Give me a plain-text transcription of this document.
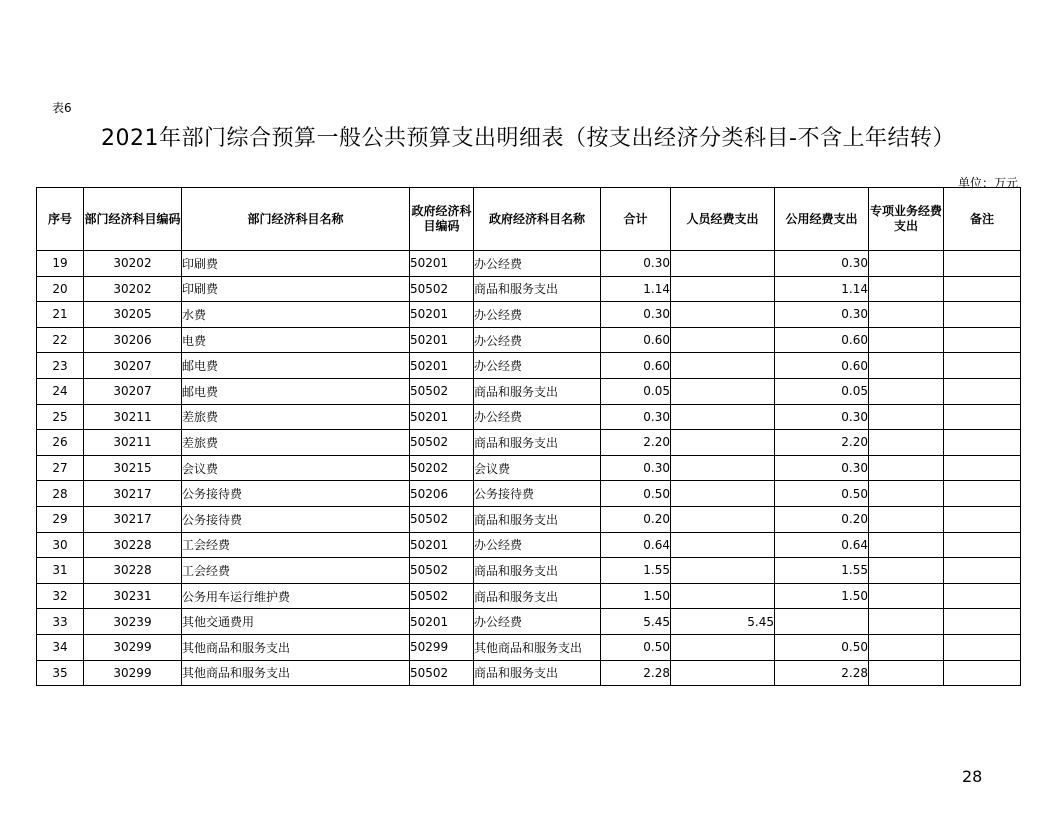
表6
2021年部门综合预算一般公共预算支出明细表（按支出经济分类科目-不含上年结转）
单位：万元
序号	部门经济科目编码	部门经济科目名称	政府经济科目编码	政府经济科目名称	合计	人员经费支出	公用经费支出	专项业务经费支出	备注
19	30202	印刷费	50201	办公经费	0.30		0.30		
20	30202	印刷费	50502	商品和服务支出	1.14		1.14		
21	30205	水费	50201	办公经费	0.30		0.30		
22	30206	电费	50201	办公经费	0.60		0.60		
23	30207	邮电费	50201	办公经费	0.60		0.60		
24	30207	邮电费	50502	商品和服务支出	0.05		0.05		
25	30211	差旅费	50201	办公经费	0.30		0.30		
26	30211	差旅费	50502	商品和服务支出	2.20		2.20		
27	30215	会议费	50202	会议费	0.30		0.30		
28	30217	公务接待费	50206	公务接待费	0.50		0.50		
29	30217	公务接待费	50502	商品和服务支出	0.20		0.20		
30	30228	工会经费	50201	办公经费	0.64		0.64		
31	30228	工会经费	50502	商品和服务支出	1.55		1.55		
32	30231	公务用车运行维护费	50502	商品和服务支出	1.50		1.50		
33	30239	其他交通费用	50201	办公经费	5.45	5.45			
34	30299	其他商品和服务支出	50299	其他商品和服务支出	0.50		0.50		
35	30299	其他商品和服务支出	50502	商品和服务支出	2.28		2.28		
28
